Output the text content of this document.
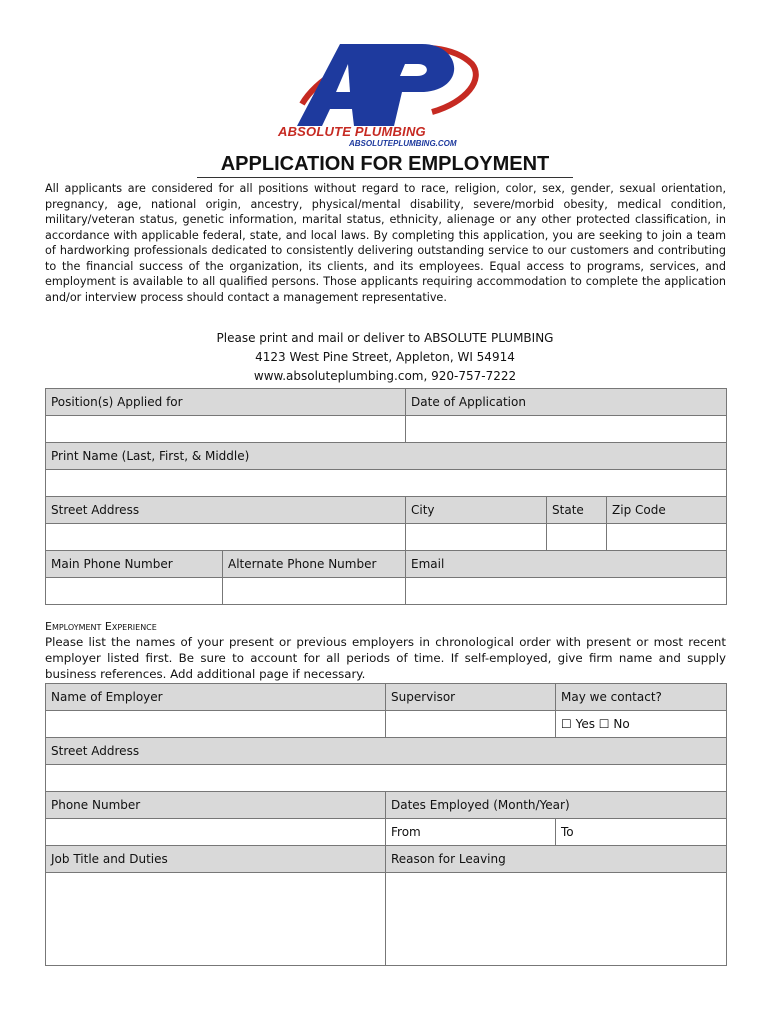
ABSOLUTE PLUMBING
ABSOLUTEPLUMBING.COM
APPLICATION FOR EMPLOYMENT
All applicants are considered for all positions without regard to race, religion, color, sex, gender, sexual orientation, pregnancy, age, national origin, ancestry, physical/mental disability, severe/morbid obesity, medical condition, military/veteran status, genetic information, marital status, ethnicity, alienage or any other protected classification, in accordance with applicable federal, state, and local laws. By completing this application, you are seeking to join a team of hardworking professionals dedicated to consistently delivering outstanding service to our customers and contributing to the financial success of the organization, its clients, and its employees. Equal access to programs, services, and employment is available to all qualified persons. Those applicants requiring accommodation to complete the application and/or interview process should contact a management representative.
Please print and mail or deliver to ABSOLUTE PLUMBING
4123 West Pine Street, Appleton, WI 54914
www.absoluteplumbing.com, 920-757-7222
Position(s) Applied for		Date of Application		

Print Name (Last, First, & Middle)				

Street Address		City	State	Zip Code

Main Phone Number	Alternate Phone Number	Email		

Employment Experience
Please list the names of your present or previous employers in chronological order with present or most recent employer listed first. Be sure to account for all periods of time. If self-employed, give firm name and supply business references. Add additional page if necessary.
Name of Employer	Supervisor	May we contact?
		☐ Yes ☐ No
Street Address		

Phone Number	Dates Employed (Month/Year)	
	From	To
Job Title and Duties	Reason for Leaving	
